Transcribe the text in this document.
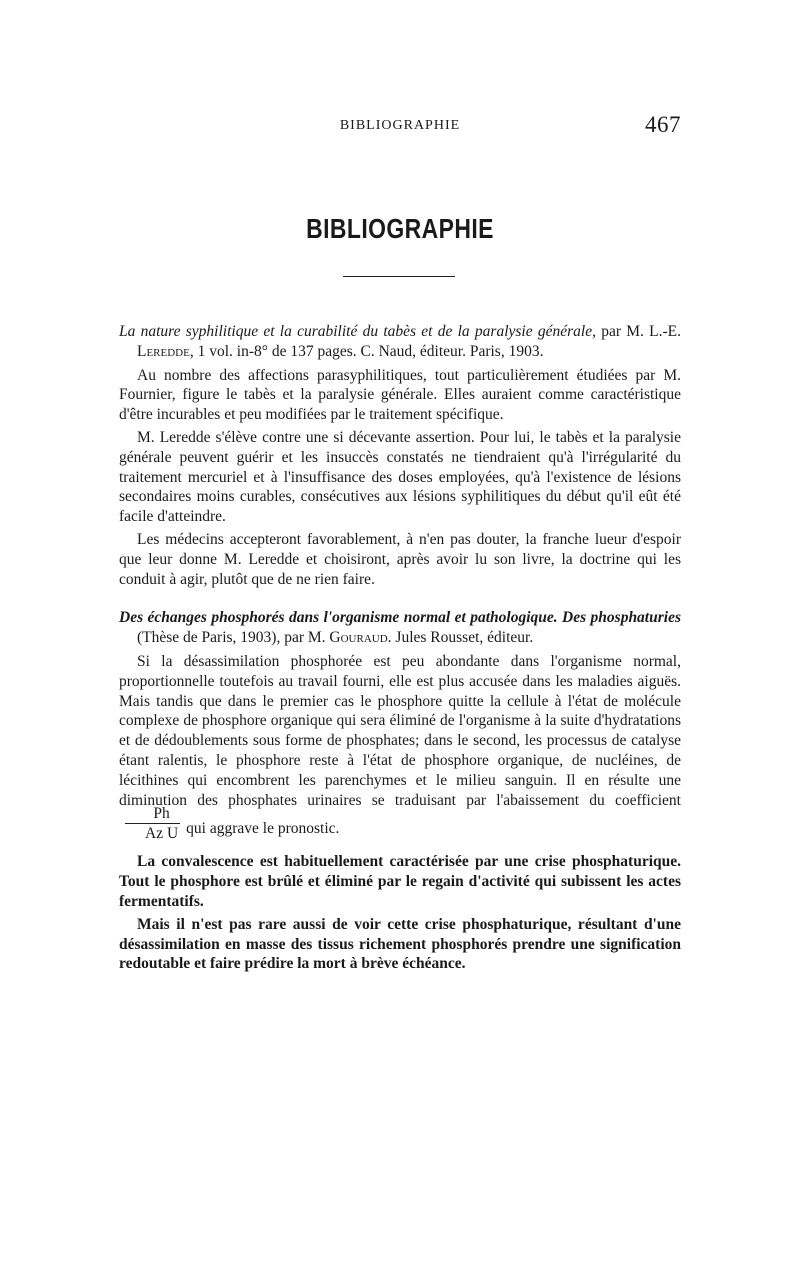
BIBLIOGRAPHIE	467
BIBLIOGRAPHIE

La nature syphilitique et la curabilité du tabès et de la paralysie générale, par M. L.-E. Leredde, 1 vol. in-8° de 137 pages. C. Naud, éditeur. Paris, 1903.

Au nombre des affections parasyphilitiques, tout particulièrement étudiées par M. Fournier, figure le tabès et la paralysie générale. Elles auraient comme caractéristique d'être incurables et peu modifiées par le traitement spécifique.

M. Leredde s'élève contre une si décevante assertion. Pour lui, le tabès et la paralysie générale peuvent guérir et les insuccès constatés ne tiendraient qu'à l'irrégularité du traitement mercuriel et à l'insuffisance des doses employées, qu'à l'existence de lésions secondaires moins curables, consécutives aux lésions syphilitiques du début qu'il eût été facile d'atteindre.

Les médecins accepteront favorablement, à n'en pas douter, la franche lueur d'espoir que leur donne M. Leredde et choisiront, après avoir lu son livre, la doctrine qui les conduit à agir, plutôt que de ne rien faire.

Des échanges phosphorés dans l'organisme normal et pathologique. Des phosphaturies (Thèse de Paris, 1903), par M. Gouraud. Jules Rousset, éditeur.

Si la désassimilation phosphorée est peu abondante dans l'organisme normal, proportionnelle toutefois au travail fourni, elle est plus accusée dans les maladies aiguës. Mais tandis que dans le premier cas le phosphore quitte la cellule à l'état de molécule complexe de phosphore organique qui sera éliminé de l'organisme à la suite d'hydratations et de dédoublements sous forme de phosphates; dans le second, les processus de catalyse étant ralentis, le phosphore reste à l'état de phosphore organique, de nucléines, de lécithines qui encombrent les parenchymes et le milieu sanguin. Il en résulte une diminution des phosphates urinaires se traduisant par l'abaissement du coefficient
$\frac{Ph}{\text{Az U}}$ qui aggrave le pronostic.

La convalescence est habituellement caractérisée par une crise phosphaturique. Tout le phosphore est brûlé et éliminé par le regain d'activité qui subissent les actes fermentatifs.

Mais il n'est pas rare aussi de voir cette crise phosphaturique, résultant d'une désassimilation en masse des tissus richement phosphorés prendre une signification redoutable et faire prédire la mort à brève échéance.
